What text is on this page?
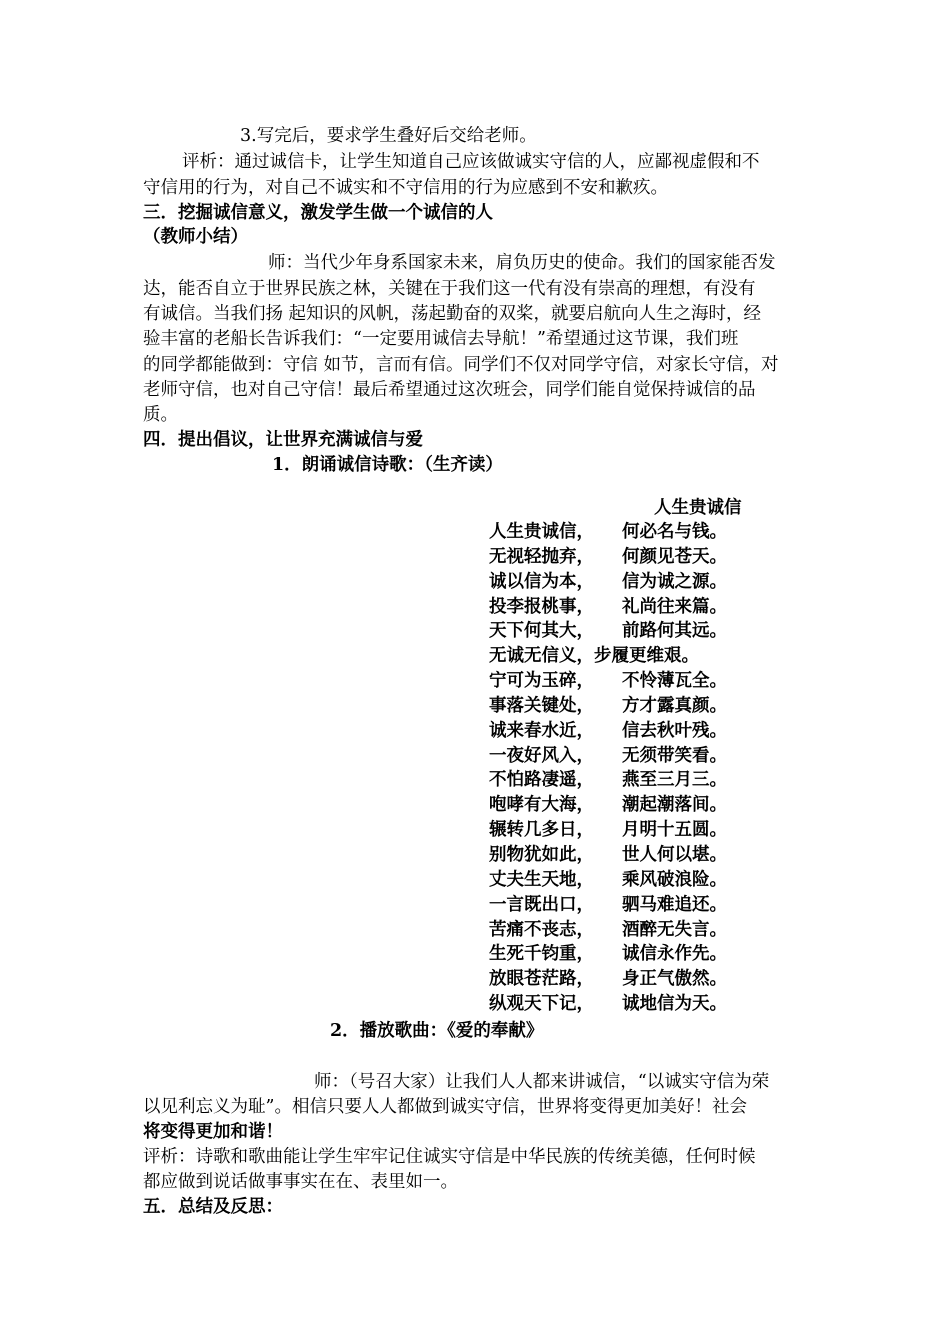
3.写完后，要求学生叠好后交给老师。
评析：通过诚信卡，让学生知道自己应该做诚实守信的人，应鄙视虚假和不
守信用的行为，对自己不诚实和不守信用的行为应感到不安和歉疚。
三．挖掘诚信意义，激发学生做一个诚信的人
（教师小结）
师：当代少年身系国家未来，肩负历史的使命。我们的国家能否发
达，能否自立于世界民族之林，关键在于我们这一代有没有崇高的理想，有没有
有诚信。当我们扬 起知识的风帆，荡起勤奋的双桨，就要启航向人生之海时，经
验丰富的老船长告诉我们：“一定要用诚信去导航！”希望通过这节课，我们班
的同学都能做到：守信 如节，言而有信。同学们不仅对同学守信，对家长守信，对
老师守信，也对自己守信！最后希望通过这次班会，同学们能自觉保持诚信的品
质。
四．提出倡议，让世界充满诚信与爱
1．朗诵诚信诗歌：（生齐读）
人生贵诚信
人生贵诚信， 何必名与钱。
无视轻抛弃， 何颜见苍天。
诚以信为本， 信为诚之源。
投李报桃事， 礼尚往来篇。
天下何其大， 前路何其远。
无诚无信义，步履更维艰。
宁可为玉碎， 不怜薄瓦全。
事落关键处， 方才露真颜。
诚来春水近， 信去秋叶残。
一夜好风入， 无须带笑看。
不怕路凄遥， 燕至三月三。
咆哮有大海， 潮起潮落间。
辗转几多日， 月明十五圆。
别物犹如此， 世人何以堪。
丈夫生天地， 乘风破浪险。
一言既出口， 驷马难追还。
苦痛不丧志， 酒醉无失言。
生死千钧重， 诚信永作先。
放眼苍茫路， 身正气傲然。
纵观天下记， 诚地信为天。
2．播放歌曲：《爱的奉献》
师：（号召大家）让我们人人都来讲诚信，“以诚实守信为荣
以见利忘义为耻”。相信只要人人都做到诚实守信，世界将变得更加美好！社会
将变得更加和谐！
评析：诗歌和歌曲能让学生牢牢记住诚实守信是中华民族的传统美德，任何时候
都应做到说话做事事实在在、表里如一。
五．总结及反思：
